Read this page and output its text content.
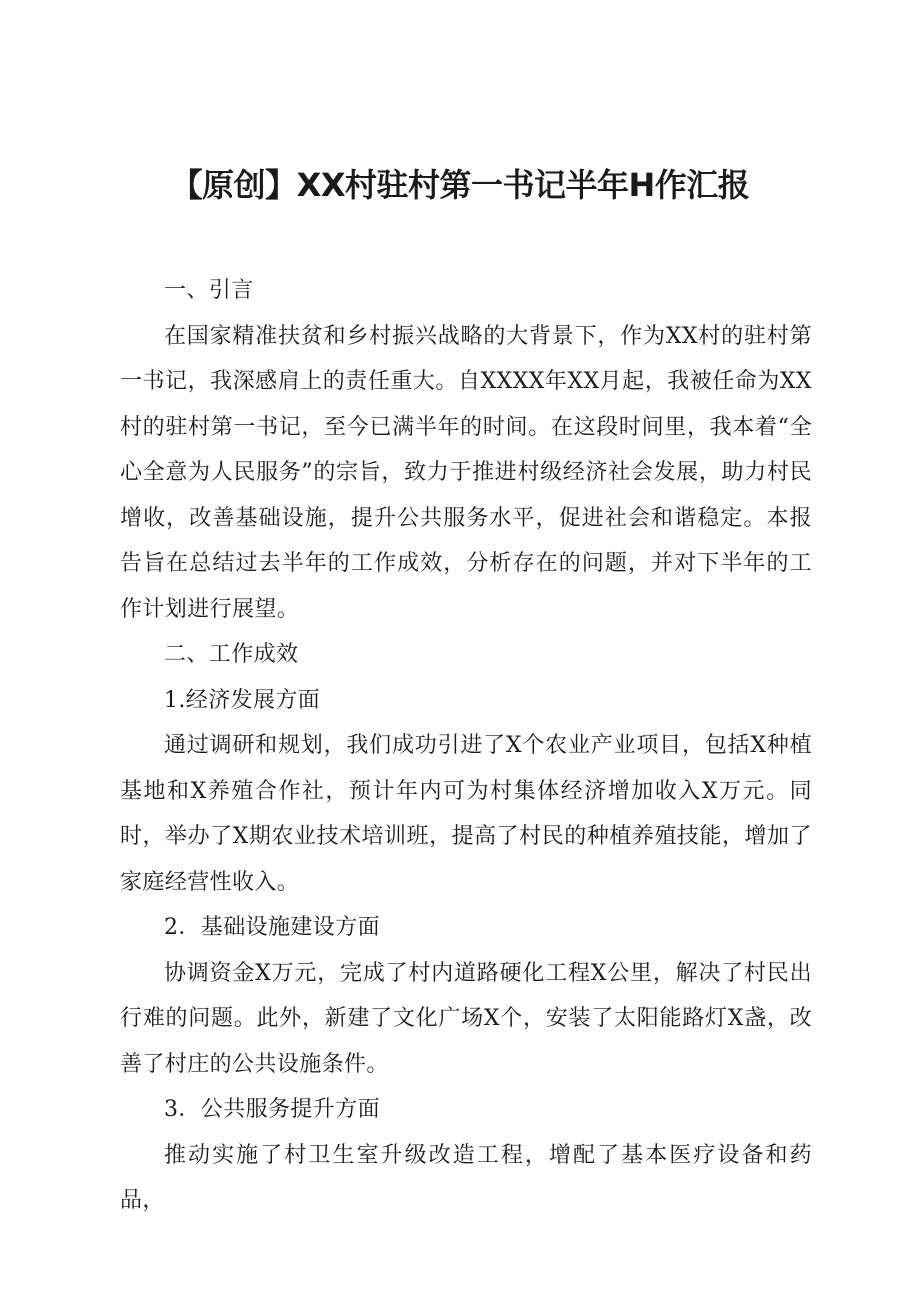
【原创】XX村驻村第一书记半年H作汇报

一、引言

在国家精准扶贫和乡村振兴战略的大背景下，作为XX村的驻村第一书记，我深感肩上的责任重大。自XXXX年XX月起，我被任命为XX村的驻村第一书记，至今已满半年的时间。在这段时间里，我本着“全心全意为人民服务”的宗旨，致力于推进村级经济社会发展，助力村民增收，改善基础设施，提升公共服务水平，促进社会和谐稳定。本报告旨在总结过去半年的工作成效，分析存在的问题，并对下半年的工作计划进行展望。

二、工作成效

1.经济发展方面

通过调研和规划，我们成功引进了X个农业产业项目，包括X种植基地和X养殖合作社，预计年内可为村集体经济增加收入X万元。同时，举办了X期农业技术培训班，提高了村民的种植养殖技能，增加了家庭经营性收入。

2．基础设施建设方面

协调资金X万元，完成了村内道路硬化工程X公里，解决了村民出行难的问题。此外，新建了文化广场X个，安装了太阳能路灯X盏，改善了村庄的公共设施条件。

3．公共服务提升方面

推动实施了村卫生室升级改造工程，增配了基本医疗设备和药品，
